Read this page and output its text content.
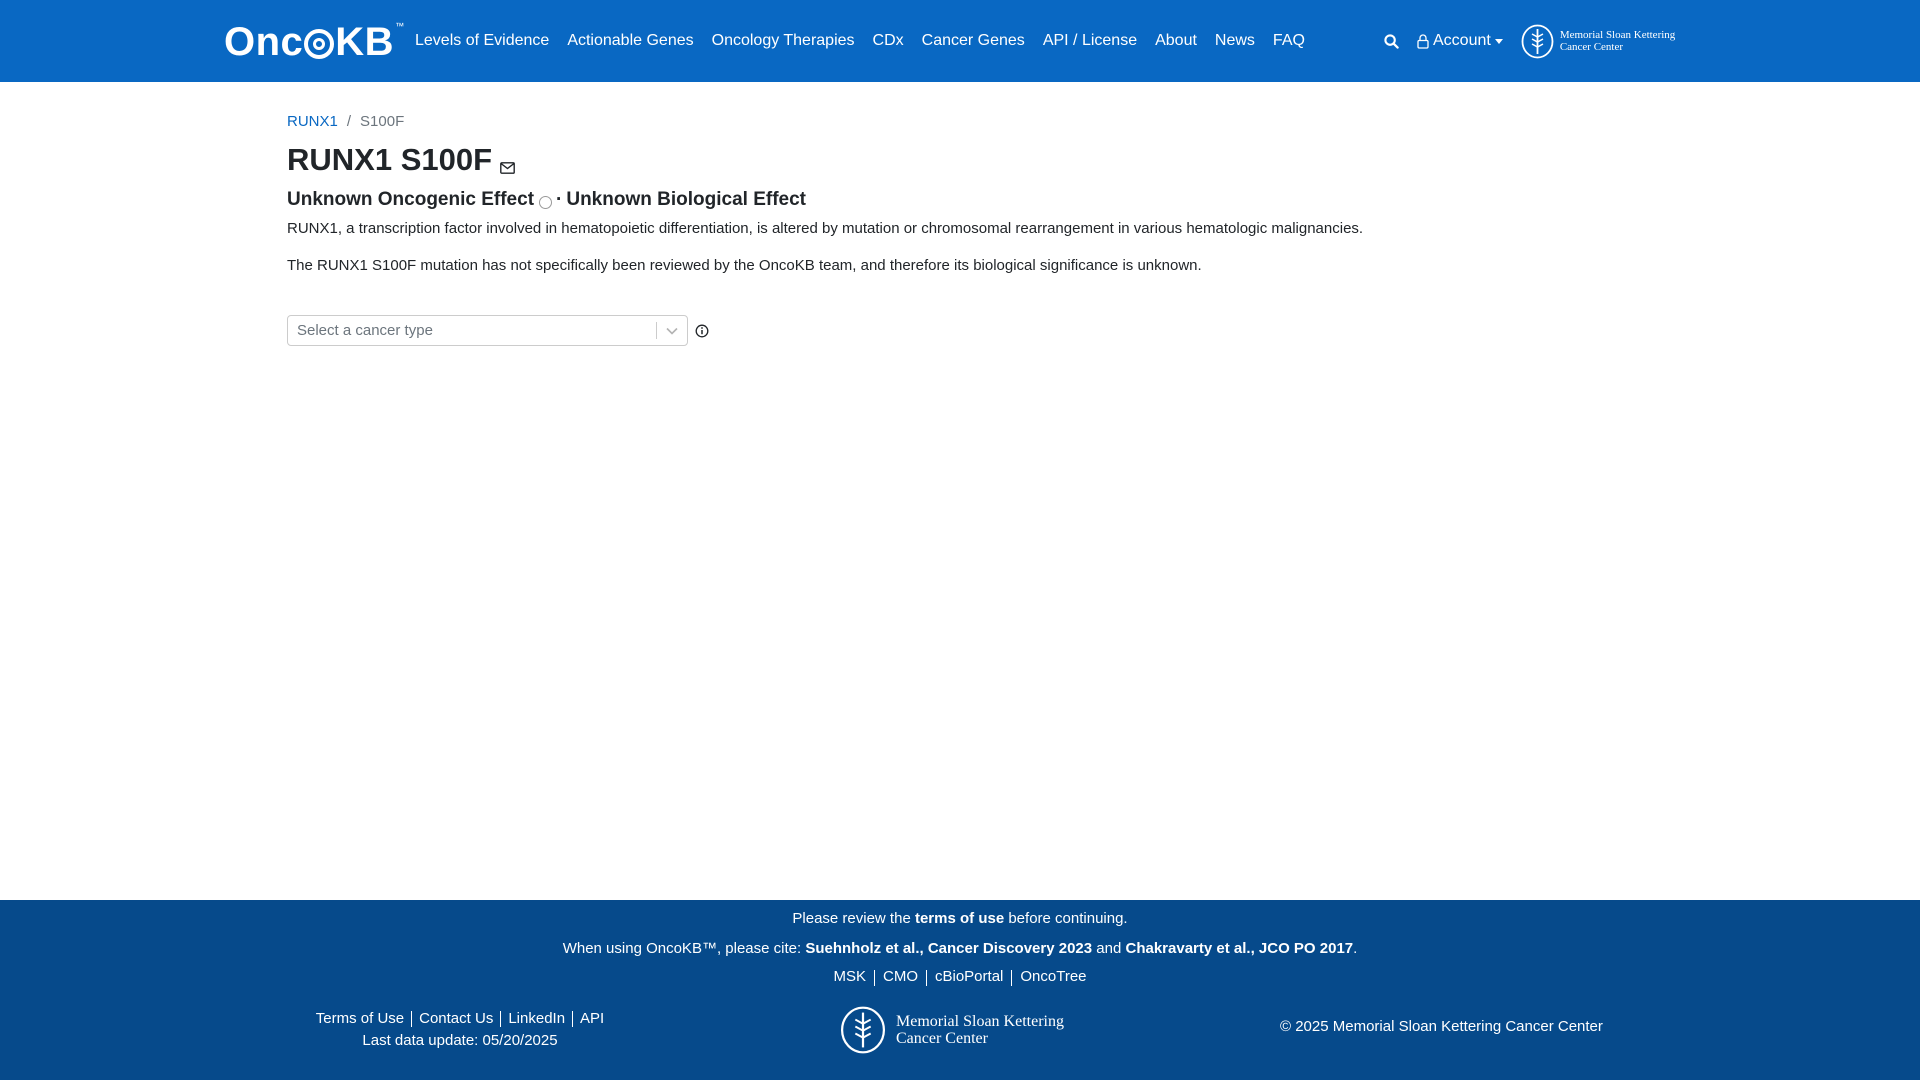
Onc KB ™
Levels of Evidence Actionable Genes Oncology Therapies CDx Cancer Genes API / License About News FAQ	Account	Memorial Sloan Kettering
Cancer Center
RUNX1 / S100F
RUNX1 S100F
Unknown Oncogenic Effect · Unknown Biological Effect

RUNX1, a transcription factor involved in hematopoietic differentiation, is altered by mutation or chromosomal rearrangement in various hematologic malignancies.

The RUNX1 S100F mutation has not specifically been reviewed by the OncoKB team, and therefore its biological significance is unknown.

Select a cancer type
Please review the terms of use before continuing.
When using OncoKB™, please cite: Suehnholz et al., Cancer Discovery 2023 and Chakravarty et al., JCO PO 2017.
MSK CMO cBioPortal OncoTree
Terms of Use Contact Us LinkedIn API
Last data update: 05/20/2025
Memorial Sloan Kettering
Cancer Center
© 2025 Memorial Sloan Kettering Cancer Center
